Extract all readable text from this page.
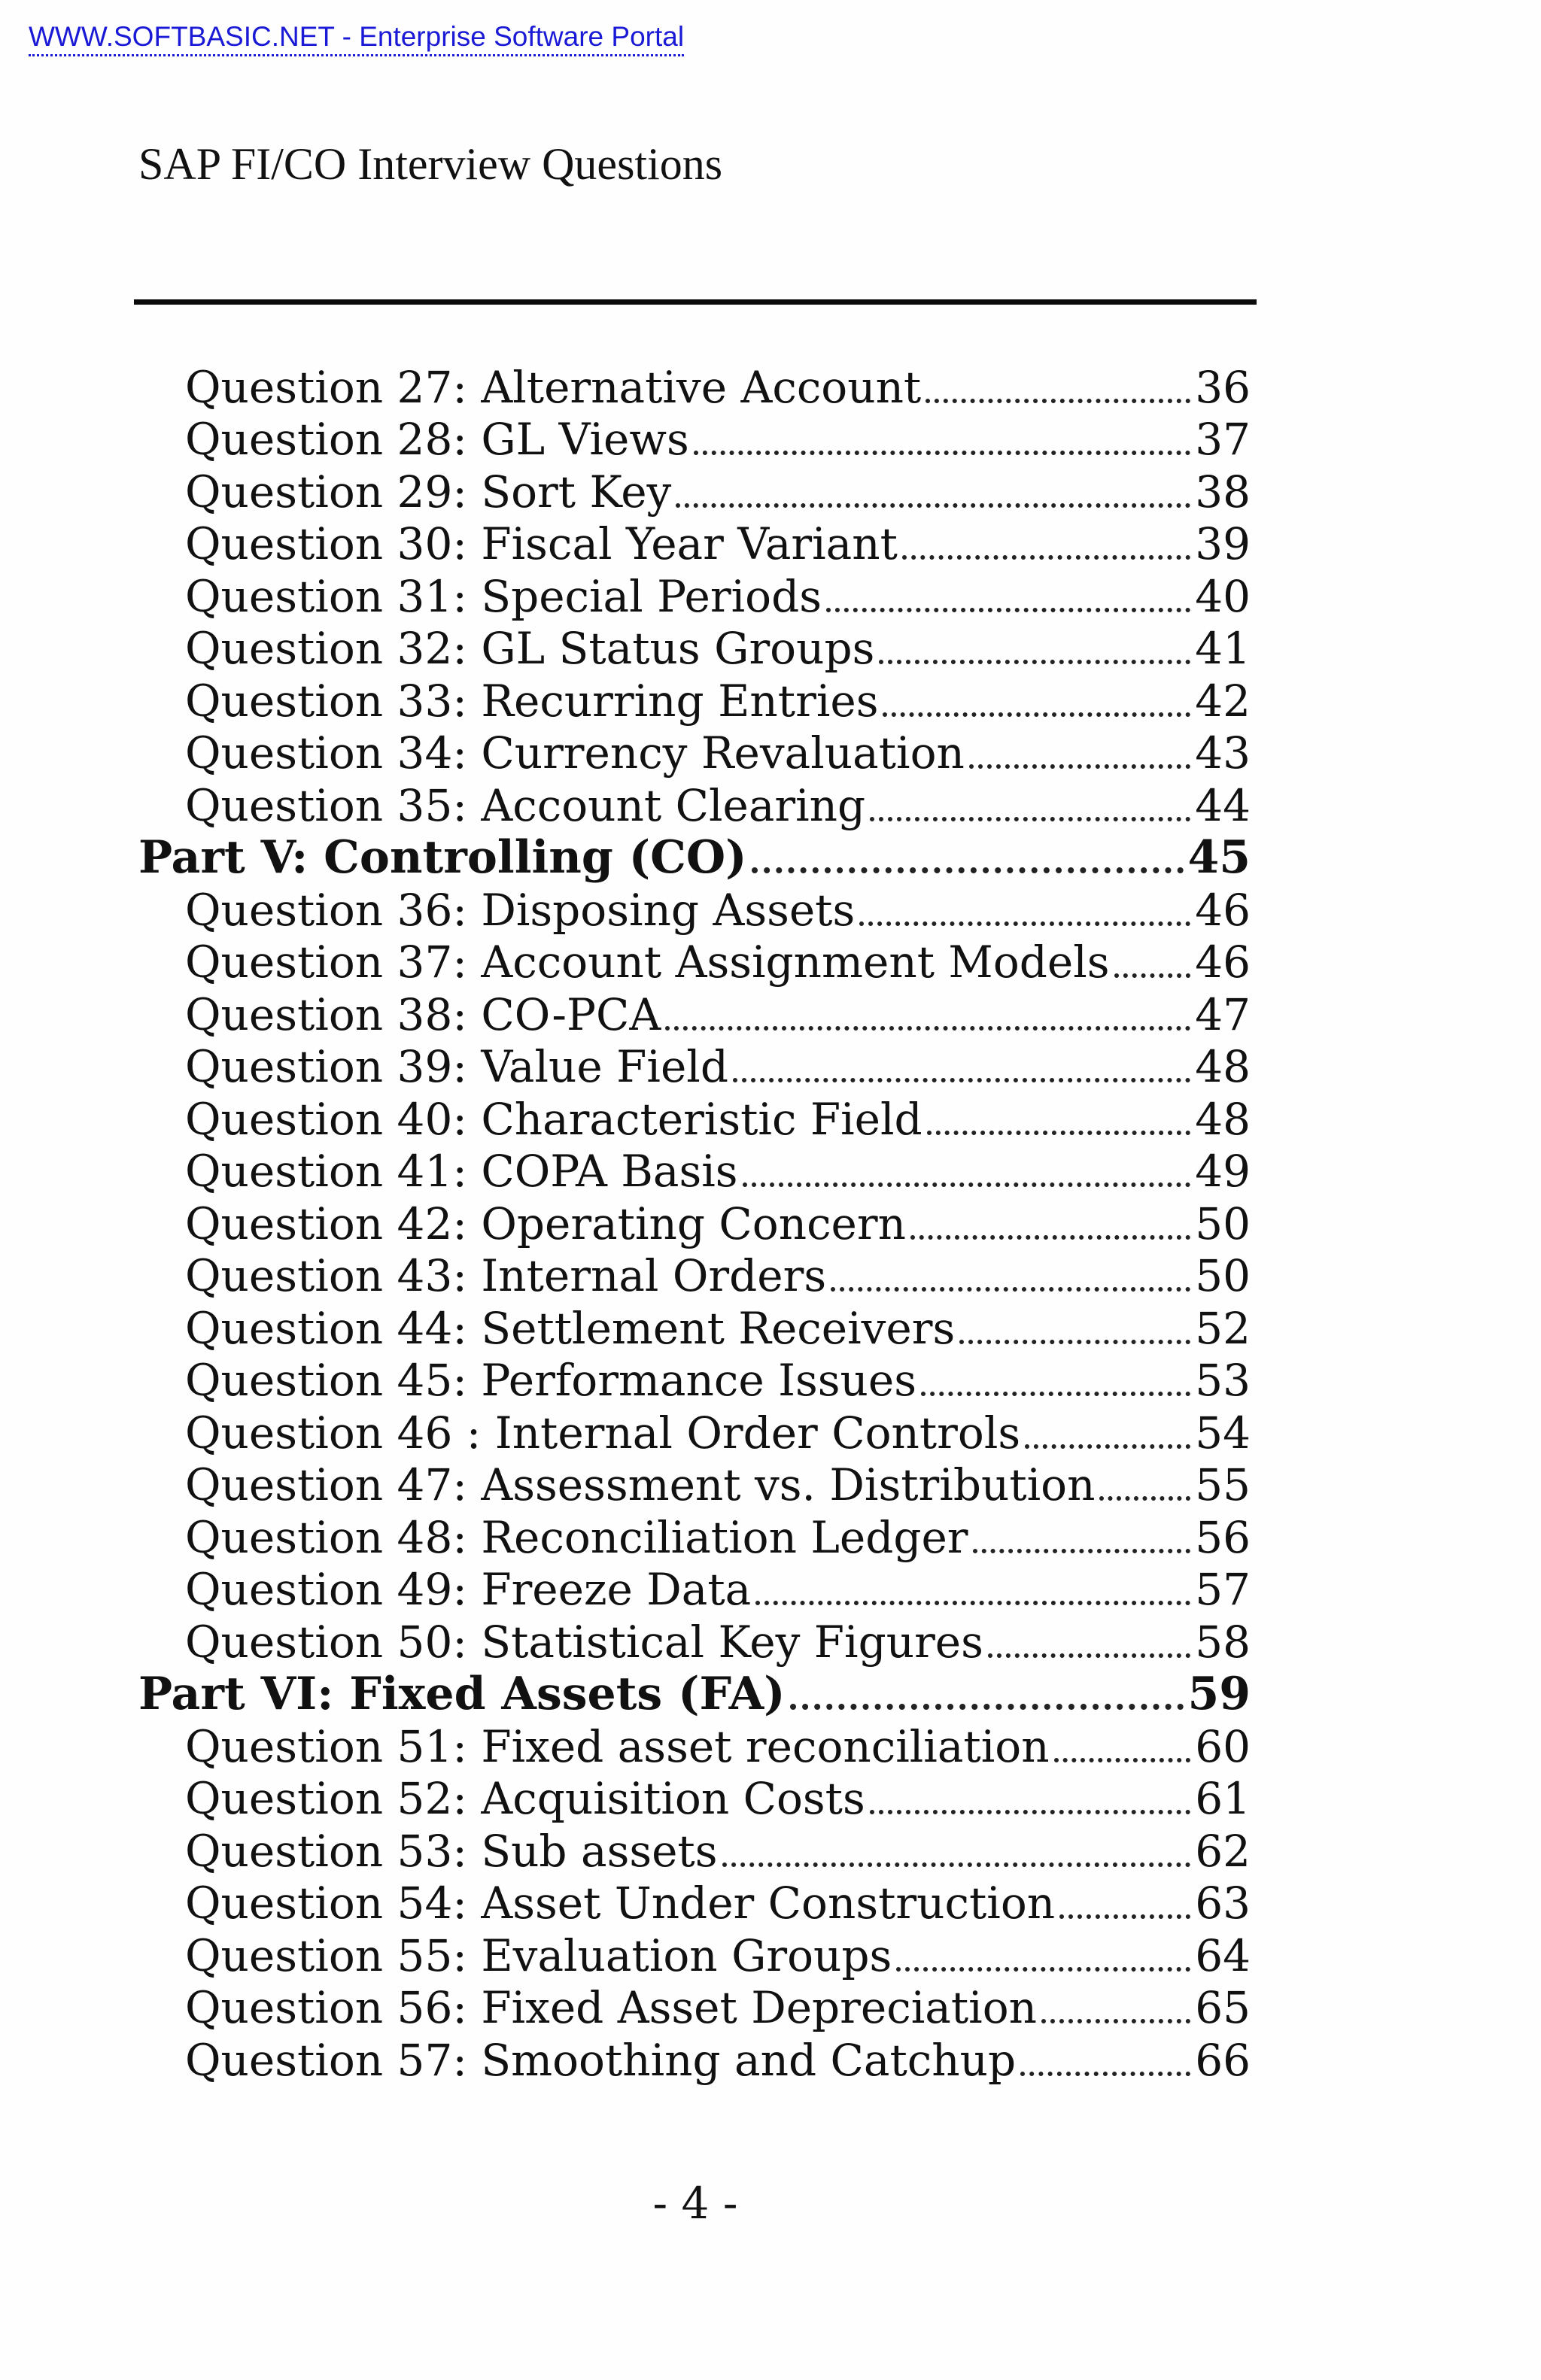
WWW.SOFTBASIC.NET - Enterprise Software Portal
SAP FI/CO Interview Questions
Question 27: Alternative Account	36
Question 28: GL Views	37
Question 29: Sort Key	38
Question 30: Fiscal Year Variant	39
Question 31: Special Periods	40
Question 32: GL Status Groups	41
Question 33: Recurring Entries	42
Question 34: Currency Revaluation	43
Question 35: Account Clearing	44
Part V: Controlling (CO)	45
Question 36: Disposing Assets	46
Question 37: Account Assignment Models 46
Question 38: CO-PCA	47
Question 39: Value Field	48
Question 40: Characteristic Field	48
Question 41: COPA Basis	49
Question 42: Operating Concern	50
Question 43: Internal Orders	50
Question 44: Settlement Receivers	52
Question 45: Performance Issues	53
Question 46 : Internal Order Controls	54
Question 47: Assessment vs. Distribution 55
Question 48: Reconciliation Ledger	56
Question 49: Freeze Data	57
Question 50: Statistical Key Figures	58
Part VI: Fixed Assets (FA)	59
Question 51: Fixed asset reconciliation	60
Question 52: Acquisition Costs	61
Question 53: Sub assets	62
Question 54: Asset Under Construction	63
Question 55: Evaluation Groups	64
Question 56: Fixed Asset Depreciation	65
Question 57: Smoothing and Catchup	66
- 4 -
